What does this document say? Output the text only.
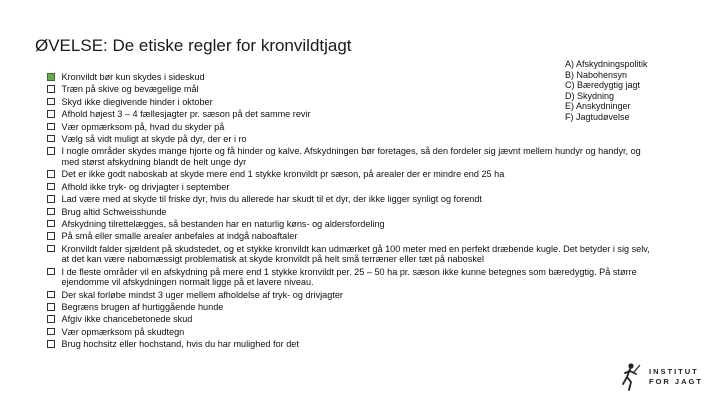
ØVELSE: De etiske regler for kronvildtjagt
A) Afskydningspolitik
B) Nabohensyn
C) Bæredygtig jagt
D) Skydning
E) Anskydninger
F) Jagtudøvelse
Kronvildt bør kun skydes i sideskud
Træn på skive og bevægelige mål
Skyd ikke diegivende hinder i oktober
Afhold højest 3 – 4 fællesjagter pr. sæson på det samme revir
Vær opmærksom på, hvad du skyder på
Vælg så vidt muligt at skyde på dyr, der er i ro
I nogle områder skydes mange hjorte og få hinder og kalve. Afskydningen bør foretages, så den fordeler sig jævnt mellem hundyr og handyr, og med størst afskydning blandt de helt unge dyr
Det er ikke godt naboskab at skyde mere end 1 stykke kronvildt pr sæson, på arealer der er mindre end 25 ha
Afhold ikke tryk- og drivjagter i september
Lad være med at skyde til friske dyr, hvis du allerede har skudt til et dyr, der ikke ligger synligt og forendt
Brug altid Schweisshunde
Afskydning tilrettelægges, så bestanden har en naturlig køns- og aldersfordeling
På små eller smalle arealer anbefales at indgå naboaftaler
Kronvildt falder sjældent på skudstedet, og et stykke kronvildt kan udmærket gå 100 meter med en perfekt dræbende kugle. Det betyder i sig selv, at det kan være nabomæssigt problematisk at skyde kronvildt på helt små terræner eller tæt på naboskel
I de fleste områder vil en afskydning på mere end 1 stykke kronvildt per. 25 – 50 ha pr. sæson ikke kunne betegnes som bæredygtig. På større ejendomme vil afskydningen normalt ligge på et lavere niveau.
Der skal forløbe mindst 3 uger mellem afholdelse af tryk- og drivjagter
Begræns brugen af hurtiggående hunde
Afgiv ikke chancebetonede skud
Vær opmærksom på skudtegn
Brug hochsitz eller hochstand, hvis du har mulighed for det
INSTITUT
FOR JAGT
